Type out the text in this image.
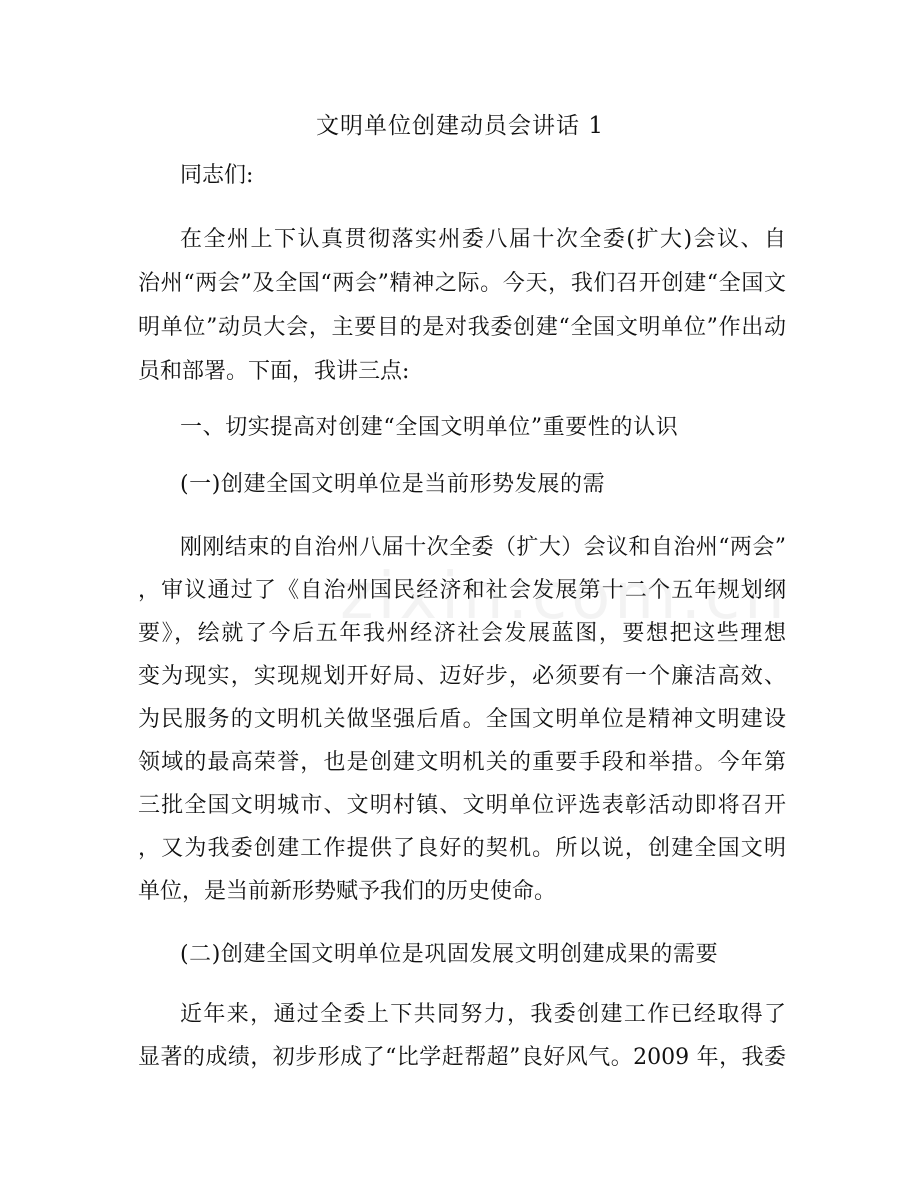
文明单位创建动员会讲话 1

同志们:

在全州上下认真贯彻落实州委八届十次全委(扩大)会议、自

治州“两会”及全国“两会”精神之际。今天，我们召开创建“全国文

明单位”动员大会，主要目的是对我委创建“全国文明单位”作出动

员和部署。下面，我讲三点:

一、切实提高对创建“全国文明单位”重要性的认识

(一)创建全国文明单位是当前形势发展的需

刚刚结束的自治州八届十次全委（扩大）会议和自治州“两会”

，审议通过了《自治州国民经济和社会发展第十二个五年规划纲

要》，绘就了今后五年我州经济社会发展蓝图，要想把这些理想

变为现实，实现规划开好局、迈好步，必须要有一个廉洁高效、

为民服务的文明机关做坚强后盾。全国文明单位是精神文明建设

领域的最高荣誉，也是创建文明机关的重要手段和举措。今年第

三批全国文明城市、文明村镇、文明单位评选表彰活动即将召开

，又为我委创建工作提供了良好的契机。所以说，创建全国文明

单位，是当前新形势赋予我们的历史使命。

(二)创建全国文明单位是巩固发展文明创建成果的需要

近年来，通过全委上下共同努力，我委创建工作已经取得了

显著的成绩，初步形成了“比学赶帮超”良好风气。2009 年，我委
